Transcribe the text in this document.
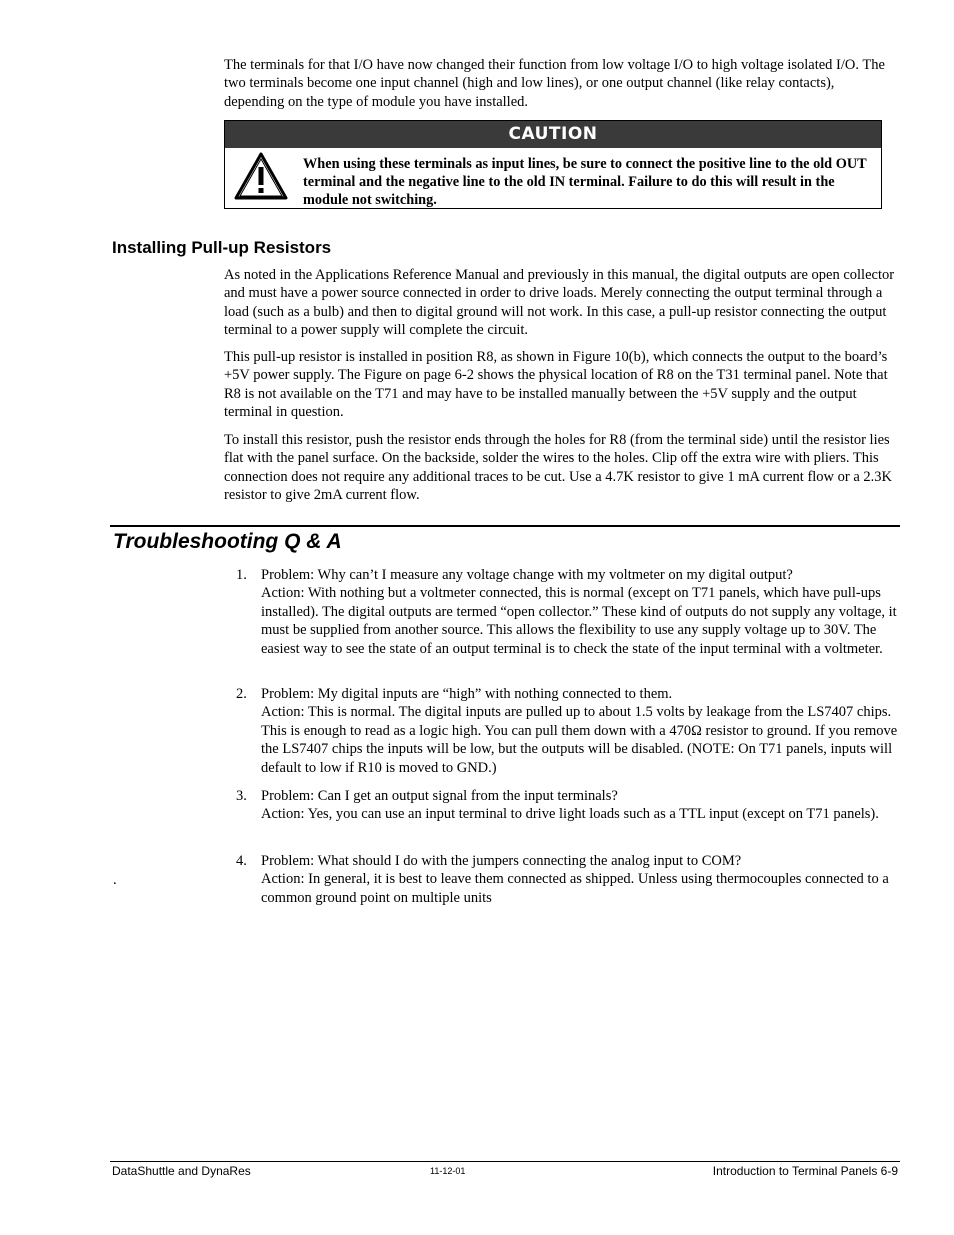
The terminals for that I/O have now changed their function from low voltage I/O to high voltage isolated I/O. The two terminals become one input channel (high and low lines), or one output channel (like relay contacts), depending on the type of module you have installed.
CAUTION
When using these terminals as input lines, be sure to connect the positive line to the old OUT terminal and the negative line to the old IN terminal. Failure to do this will result in the module not switching.
Installing Pull-up Resistors

As noted in the Applications Reference Manual and previously in this manual, the digital outputs are open collector and must have a power source connected in order to drive loads. Merely connecting the output terminal through a load (such as a bulb) and then to digital ground will not work. In this case, a pull-up resistor connecting the output terminal to a power supply will complete the circuit.

This pull-up resistor is installed in position R8, as shown in Figure 10(b), which connects the output to the board’s +5V power supply. The Figure on page 6-2 shows the physical location of R8 on the T31 terminal panel. Note that R8 is not available on the T71 and may have to be installed manually between the +5V supply and the output terminal in question.

To install this resistor, push the resistor ends through the holes for R8 (from the terminal side) until the resistor lies flat with the panel surface. On the backside, solder the wires to the holes. Clip off the extra wire with pliers. This connection does not require any additional traces to be cut. Use a 4.7K resistor to give 1 mA current flow or a 2.3K resistor to give 2mA current flow.

Troubleshooting Q & A
1. Problem: Why can’t I measure any voltage change with my voltmeter on my digital output?
Action: With nothing but a voltmeter connected, this is normal (except on T71 panels, which have pull-ups installed). The digital outputs are termed “open collector.” These kind of outputs do not supply any voltage, it must be supplied from another source. This allows the flexibility to use any supply voltage up to 30V. The easiest way to see the state of an output terminal is to check the state of the input terminal with a voltmeter.
2. Problem: My digital inputs are “high” with nothing connected to them.
Action: This is normal. The digital inputs are pulled up to about 1.5 volts by leakage from the LS7407 chips. This is enough to read as a logic high. You can pull them down with a 470Ω resistor to ground. If you remove the LS7407 chips the inputs will be low, but the outputs will be disabled. (NOTE: On T71 panels, inputs will default to low if R10 is moved to GND.)
3. Problem: Can I get an output signal from the input terminals?
Action: Yes, you can use an input terminal to drive light loads such as a TTL input (except on T71 panels).
4. Problem: What should I do with the jumpers connecting the analog input to COM?
Action: In general, it is best to leave them connected as shipped. Unless using thermocouples connected to a common ground point on multiple units
.
DataShuttle and DynaRes	11-12-01	Introduction to Terminal Panels 6-9
